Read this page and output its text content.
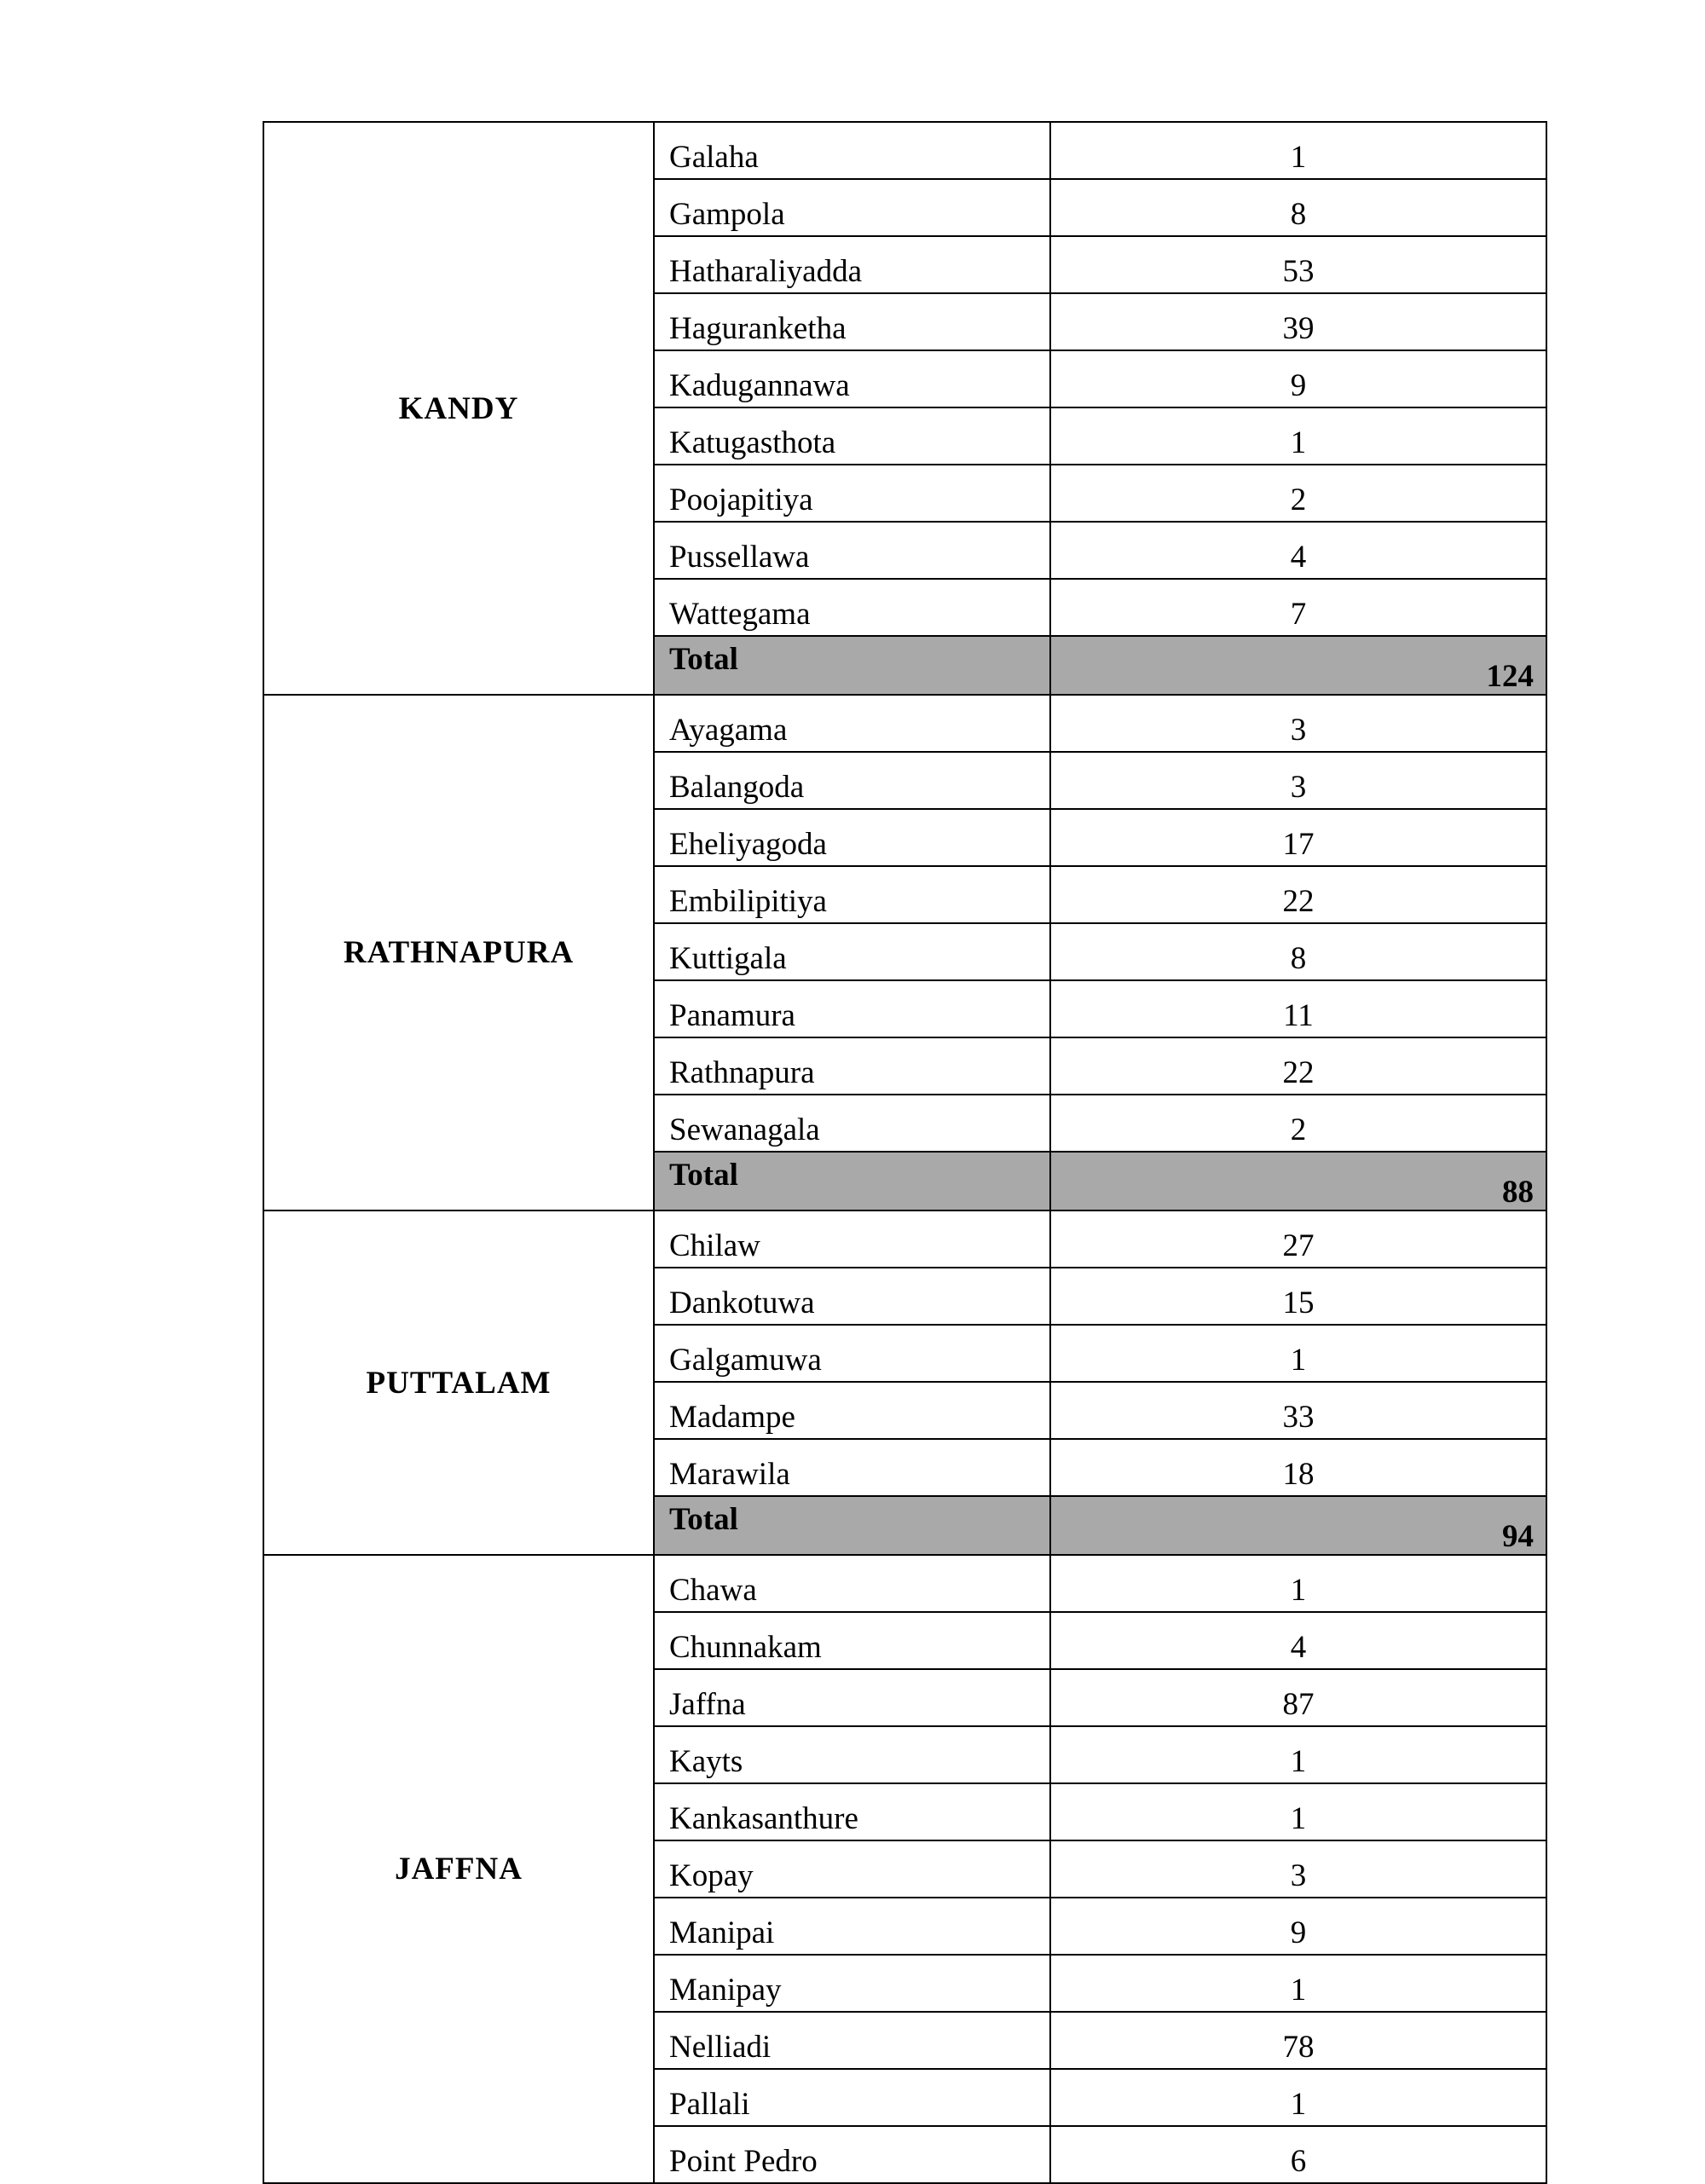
KANDY	Galaha	1
	Gampola	8
	Hatharaliyadda	53
	Haguranketha	39
	Kadugannawa	9
	Katugasthota	1
	Poojapitiya	2
	Pussellawa	4
	Wattegama	7
	Total	124
RATHNAPURA	Ayagama	3
	Balangoda	3
	Eheliyagoda	17
	Embilipitiya	22
	Kuttigala	8
	Panamura	11
	Rathnapura	22
	Sewanagala	2
	Total	88
PUTTALAM	Chilaw	27
	Dankotuwa	15
	Galgamuwa	1
	Madampe	33
	Marawila	18
	Total	94
JAFFNA	Chawa	1
	Chunnakam	4
	Jaffna	87
	Kayts	1
	Kankasanthure	1
	Kopay	3
	Manipai	9
	Manipay	1
	Nelliadi	78
	Pallali	1
	Point Pedro	6
